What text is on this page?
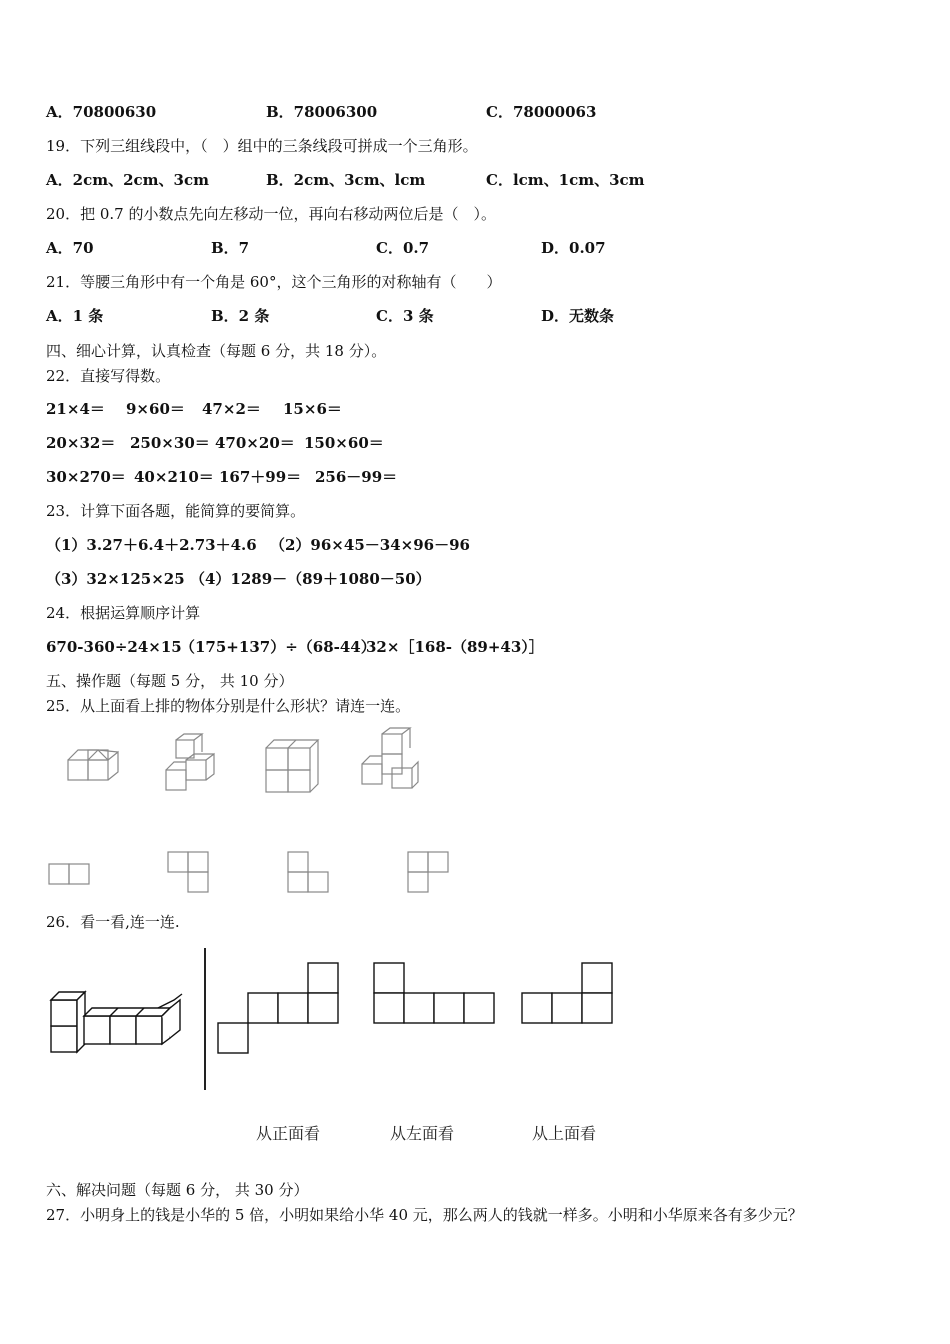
A．70800630	B．78006300	C．78000063
19．下列三组线段中，（　）组中的三条线段可拼成一个三角形。
A．2cm、2cm、3cm	B．2cm、3cm、lcm	C．lcm、1cm、3cm
20．把 0.7 的小数点先向左移动一位，再向右移动两位后是（　）。
A．70	B．7	C．0.7	D．0.07
21．等腰三角形中有一个角是 60°，这个三角形的对称轴有（　　）
A．1 条	B．2 条	C．3 条	D．无数条
四、细心计算，认真检查（每题 6 分，共 18 分）。
22．直接写得数。
21×4＝ 9×60＝ 47×2＝ 15×6＝
20×32＝ 250×30＝ 470×20＝ 150×60＝
30×270＝ 40×210＝ 167＋99＝ 256－99＝
23．计算下面各题，能简算的要简算。
（1）3.27＋6.4＋2.73＋4.6 （2）96×45－34×96－96
（3）32×125×25 （4）1289－（89＋1080－50）
24．根据运算顺序计算
670-360÷24×15
（175+137）÷（68-44）
32×［168-（89+43）］
五、操作题（每题 5 分， 共 10 分）
25．从上面看上排的物体分别是什么形状？请连一连。
26．看一看,连一连.
从正面看	从左面看	从上面看
六、解决问题（每题 6 分， 共 30 分）
27．小明身上的钱是小华的 5 倍，小明如果给小华 40 元，那么两人的钱就一样多。小明和小华原来各有多少元？
